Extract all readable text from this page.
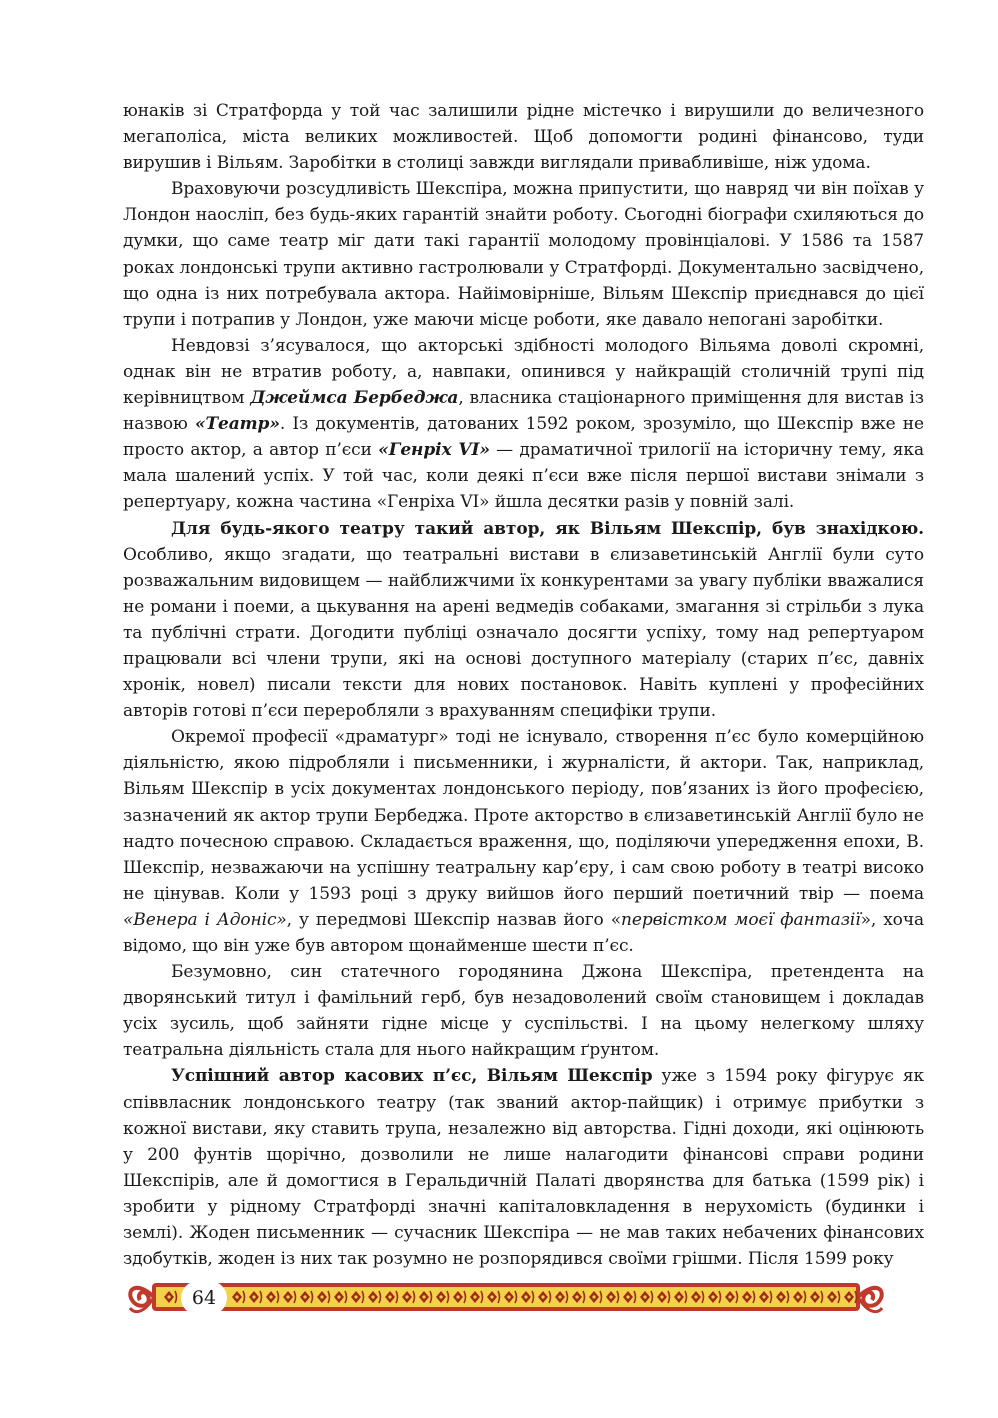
юнаків зі Стратфорда у той час залишили рідне містечко і вирушили до величезного мегаполіса, міста великих можливостей. Щоб допомогти родині фінансово, туди вирушив і Вільям. Заробітки в столиці завжди виглядали привабливіше, ніж удома.

Враховуючи розсудливість Шекспіра, можна припустити, що навряд чи він поїхав у Лондон наосліп, без будь-яких гарантій знайти роботу. Сьогодні біографи схиляються до думки, що саме театр міг дати такі гарантії молодому провінціалові. У 1586 та 1587 роках лондонські трупи активно гастролювали у Стратфорді. Документально засвідчено, що одна із них потребувала актора. Найімовірніше, Вільям Шекспір приєднався до цієї трупи і потрапив у Лондон, уже маючи місце роботи, яке давало непогані заробітки.

Невдовзі з’ясувалося, що акторські здібності молодого Вільяма доволі скромні, однак він не втратив роботу, а, навпаки, опинився у найкращій столичній трупі під керівництвом Джеймса Бербеджа, власника стаціонарного приміщення для вистав із назвою «Театр». Із документів, датованих 1592 роком, зрозуміло, що Шекспір вже не просто актор, а автор п’єси «Генріх VI» — драматичної трилогії на історичну тему, яка мала шалений успіх. У той час, коли деякі п’єси вже після першої вистави знімали з репертуару, кожна частина «Генріха VI» йшла десятки разів у повній залі.

Для будь-якого театру такий автор, як Вільям Шекспір, був знахідкою. Особливо, якщо згадати, що театральні вистави в єлизаветинській Англії були суто розважальним видовищем — найближчими їх конкурентами за увагу публіки вважалися не романи і поеми, а цькування на арені ведмедів собаками, змагання зі стрільби з лука та публічні страти. Догодити публіці означало досягти успіху, тому над репертуаром працювали всі члени трупи, які на основі доступного матеріалу (старих п’єс, давніх хронік, новел) писали тексти для нових постановок. Навіть куплені у професійних авторів готові п’єси переробляли з врахуванням специфіки трупи.

Окремої професії «драматург» тоді не існувало, створення п’єс було комерційною діяльністю, якою підробляли і письменники, і журналісти, й актори. Так, наприклад, Вільям Шекспір в усіх документах лондонського періоду, пов’язаних із його професією, зазначений як актор трупи Бербеджа. Проте акторство в єлизаветинській Англії було не надто почесною справою. Складається враження, що, поділяючи упередження епохи, В. Шекспір, незважаючи на успішну театральну кар’єру, і сам свою роботу в театрі високо не цінував. Коли у 1593 році з друку вийшов його перший поетичний твір — поема «Венера і Адоніс», у передмові Шекспір назвав його «первістком моєї фантазії», хоча відомо, що він уже був автором щонайменше шести п’єс.

Безумовно, син статечного городянина Джона Шекспіра, претендента на дворянський титул і фамільний герб, був незадоволений своїм становищем і докладав усіх зусиль, щоб зайняти гідне місце у суспільстві. І на цьому нелегкому шляху театральна діяльність стала для нього найкращим ґрунтом.

Успішний автор касових п’єс, Вільям Шекспір уже з 1594 року фігурує як співвласник лондонського театру (так званий актор-пайщик) і отримує прибутки з кожної вистави, яку ставить трупа, незалежно від авторства. Гідні доходи, які оцінюють у 200 фунтів щорічно, дозволили не лише налагодити фінансові справи родини Шекспірів, але й домогтися в Геральдичній Палаті дворянства для батька (1599 рік) і зробити у рідному Стратфорді значні капіталовкладення в нерухомість (будинки і землі). Жоден письменник — сучасник Шекспіра — не мав таких небачених фінансових здобутків, жоден із них так розумно не розпорядився своїми грішми. Після 1599 року

64
